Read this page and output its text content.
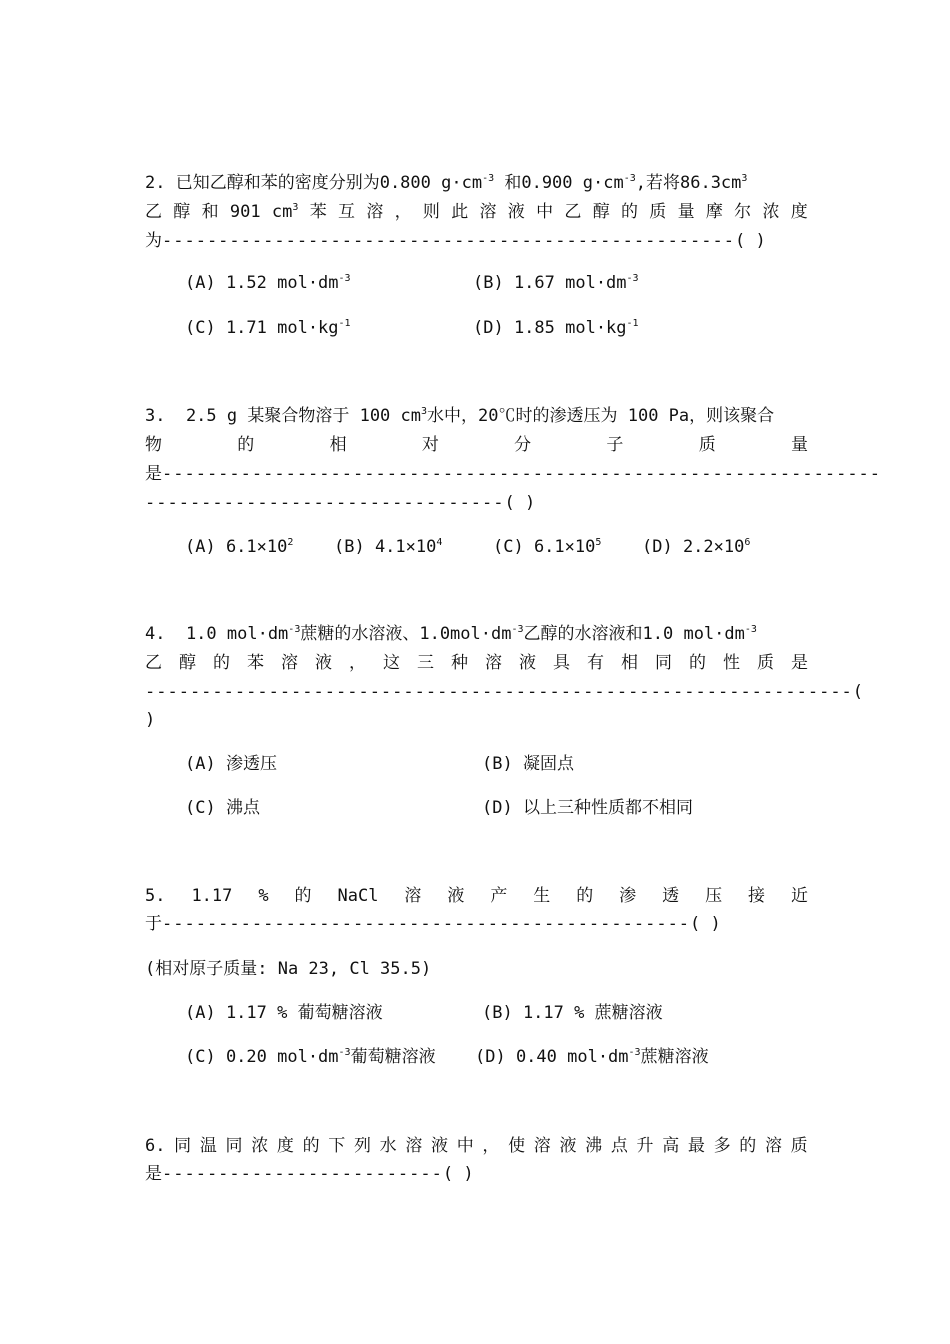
2. 已知乙醇和苯的密度分别为0.800 $g\cdot cm^{-3}$ 和0.900 $g\cdot cm^{-3}$,若将$86.3cm^3$
乙 醇 和 901 $cm^3$ 苯 互 溶 ， 则 此 溶 液 中 乙 醇 的 质 量 摩 尔 浓 度
为---------------------------------------------------( )
(A) 1.52 $mol\cdot dm^{-3}$	(B) 1.67 $mol\cdot dm^{-3}$
(C) 1.71 $mol\cdot kg^{-1}$	(D) 1.85 $mol\cdot kg^{-1}$
3.  2.5 g 某聚合物溶于 100 $cm^3$水中，20℃时的渗透压为 100 Pa，则该聚合
物	的	相	对	分	子	质	量
是----------------------------------------------------------------
--------------------------------( )
(A) $6.1\times 10^2$ (B) $4.1\times 10^4$	(C) $6.1\times 10^5$ (D) $2.2\times 10^6$
4.  1.0 $mol\cdot dm^{-3}$蔗糖的水溶液、$1.0mol\cdot dm^{-3}$乙醇的水溶液和1.0 $mol\cdot dm^{-3}$
乙 醇 的 苯 溶 液 ， 这 三 种 溶 液 具 有 相 同 的 性 质 是
---------------------------------------------------------------(
)
(A) 渗透压	(B) 凝固点
(C) 沸点	(D) 以上三种性质都不相同
5. 1.17 % 的 NaCl 溶 液 产 生 的 渗 透 压 接 近
于-----------------------------------------------( )
(相对原子质量: Na 23, Cl 35.5)
(A) 1.17 % 葡萄糖溶液	(B) 1.17 % 蔗糖溶液
(C) 0.20 $mol\cdot dm^{-3}$葡萄糖溶液 (D) 0.40 $mol\cdot dm^{-3}$蔗糖溶液
6. 同 温 同 浓 度 的 下 列 水 溶 液 中 ， 使 溶 液 沸 点 升 高 最 多 的 溶 质
是-------------------------( )
